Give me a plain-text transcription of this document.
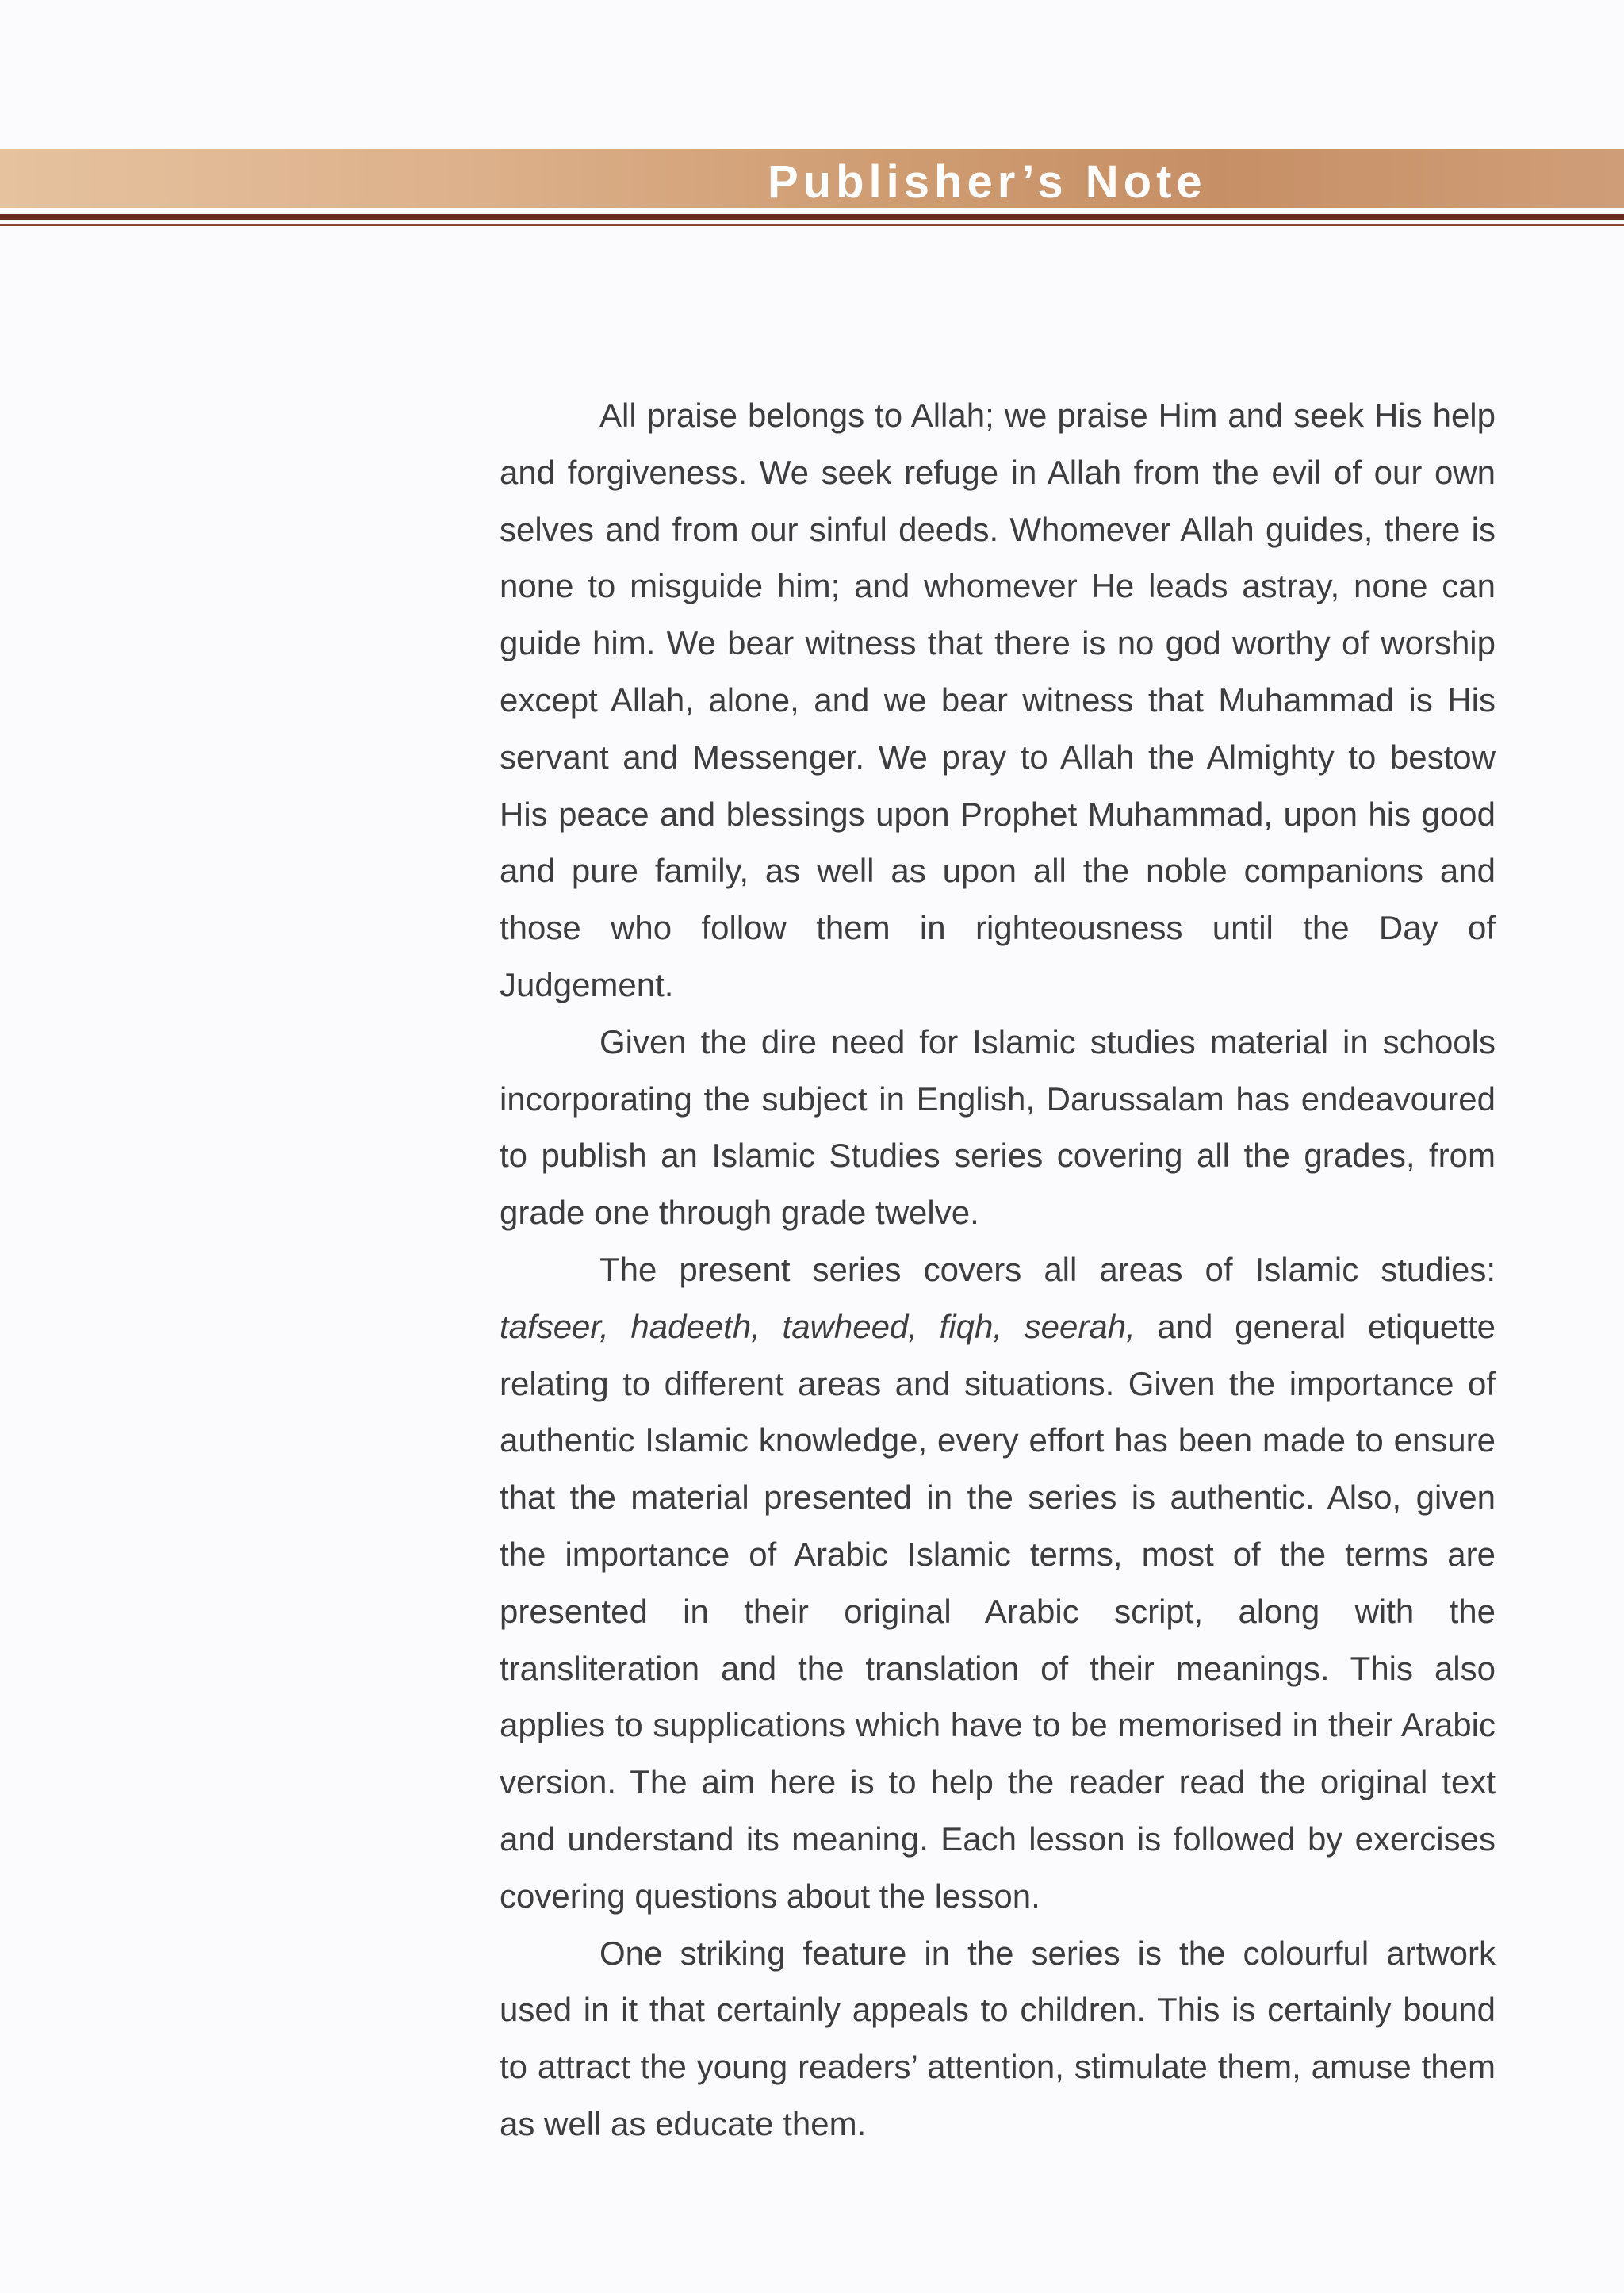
Publisher’s Note

All praise belongs to Allah; we praise Him and seek His help and forgiveness. We seek refuge in Allah from the evil of our own selves and from our sinful deeds. Whomever Allah guides, there is none to misguide him; and whomever He leads astray, none can guide him. We bear witness that there is no god worthy of worship except Allah, alone, and we bear witness that Muhammad is His servant and Messenger. We pray to Allah the Almighty to bestow His peace and blessings upon Prophet Muhammad, upon his good and pure family, as well as upon all the noble companions and those who follow them in righteousness until the Day of Judgement.

Given the dire need for Islamic studies material in schools incorporating the subject in English, Darussalam has endeavoured to publish an Islamic Studies series covering all the grades, from grade one through grade twelve.

The present series covers all areas of Islamic studies: tafseer, hadeeth, tawheed, fiqh, seerah, and general etiquette relating to different areas and situations. Given the importance of authentic Islamic knowledge, every effort has been made to ensure that the material presented in the series is authentic. Also, given the importance of Arabic Islamic terms, most of the terms are presented in their original Arabic script, along with the transliteration and the translation of their meanings. This also applies to supplications which have to be memorised in their Arabic version. The aim here is to help the reader read the original text and understand its meaning. Each lesson is followed by exercises covering questions about the lesson.

One striking feature in the series is the colourful artwork used in it that certainly appeals to children. This is certainly bound to attract the young readers’ attention, stimulate them, amuse them as well as educate them.
